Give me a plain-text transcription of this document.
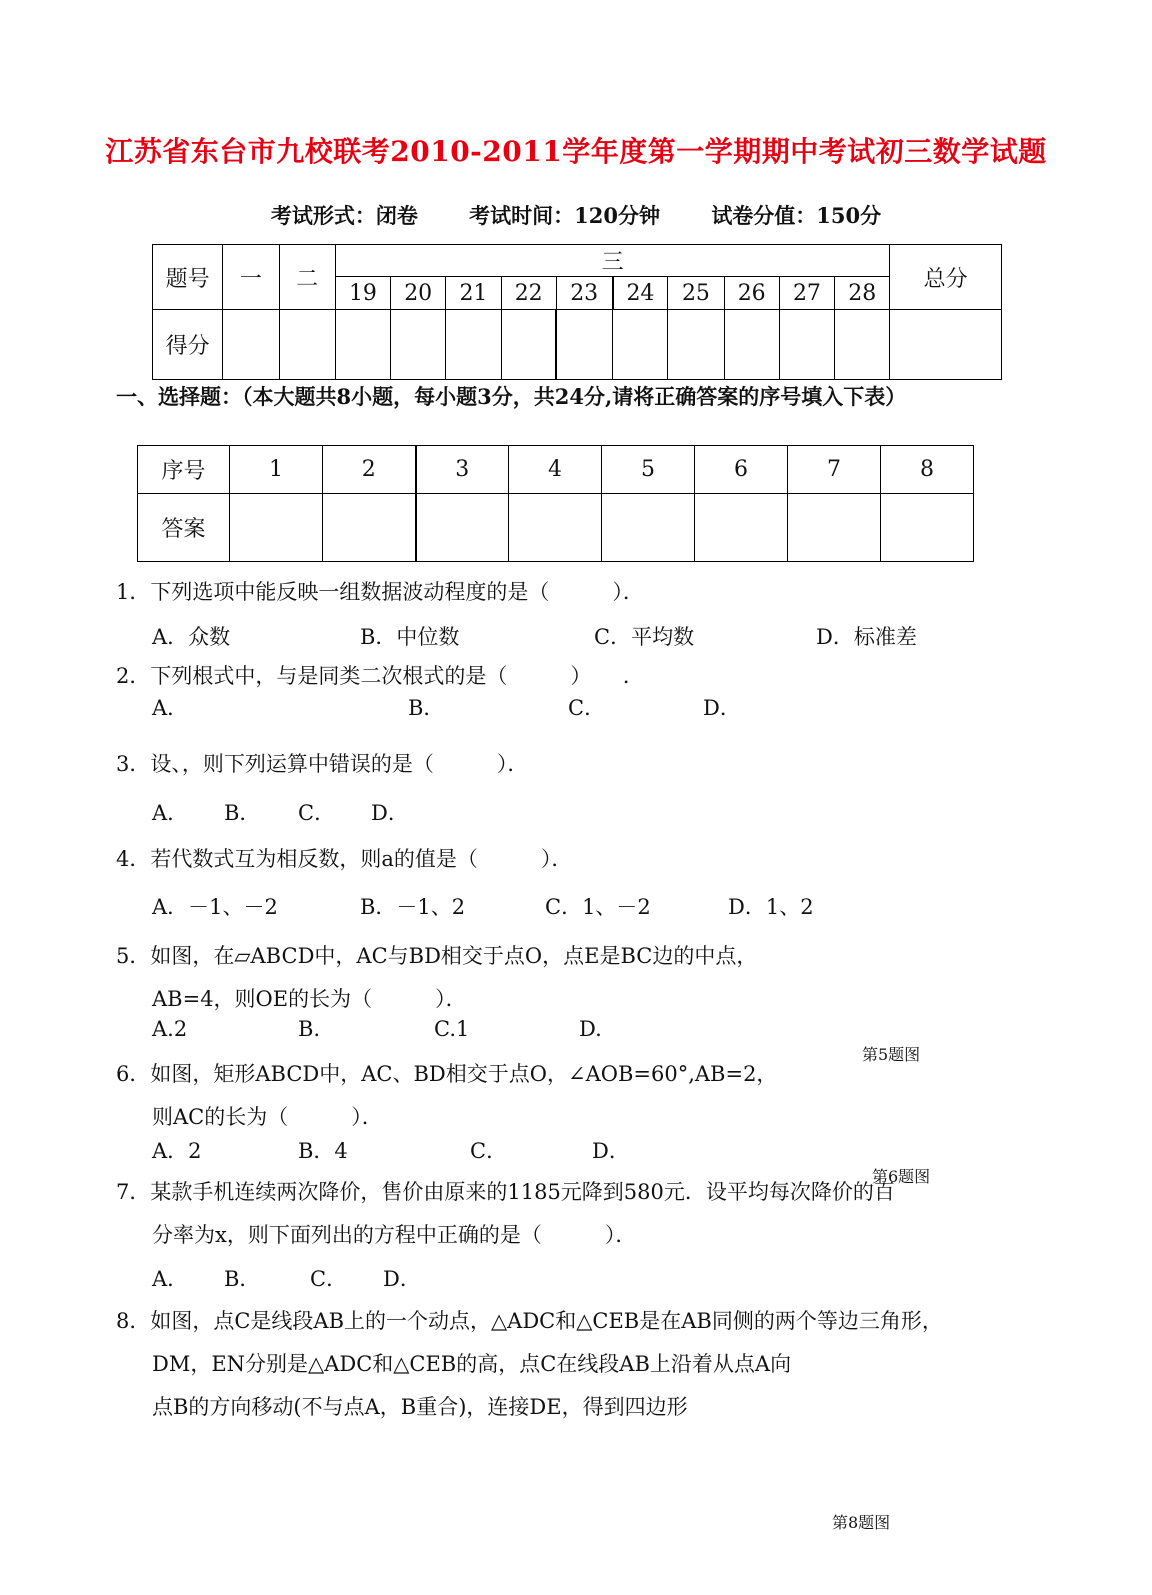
江苏省东台市九校联考2010-2011学年度第一学期期中考试初三数学试题
考试形式：闭卷 考试时间：120分钟 试卷分值：150分
题号	一	二	三										总分
			19	20	21	22	23	24	25	26	27	28	
得分													
一、选择题：（本大题共8小题，每小题3分，共24分,请将正确答案的序号填入下表）
序号	1	2	3	4	5	6	7	8
答案								
1．下列选项中能反映一组数据波动程度的是（　　　）．
A．众数	B．中位数	C．平均数	D．标准差
2．下列根式中，与是同类二次根式的是（　　　）　　．
A．	B．	C．	D．
3．设、，则下列运算中错误的是（　　　）．
A． B． C． D．
4．若代数式互为相反数，则a的值是（　　　）．
A．－1、－2	B．－1、2	C．1、－2	D．1、2
5．如图，在▱ABCD中，AC与BD相交于点O，点E是BC边的中点，
AB=4，则OE的长为（　　　）．
A.2	B.	C.1	D.
第5题图
6．如图，矩形ABCD中，AC、BD相交于点O，∠AOB=60°,AB=2，
则AC的长为（　　　）．
A．2	B．4	C．	D．
第6题图
7．某款手机连续两次降价，售价由原来的1185元降到580元．设平均每次降价的百
分率为x，则下面列出的方程中正确的是（　　　）．
A． B． C． D．
8．如图，点C是线段AB上的一个动点，△ADC和△CEB是在AB同侧的两个等边三角形，
DM，EN分别是△ADC和△CEB的高，点C在线段AB上沿着从点A向
点B的方向移动(不与点A，B重合)，连接DE，得到四边形
第8题图
